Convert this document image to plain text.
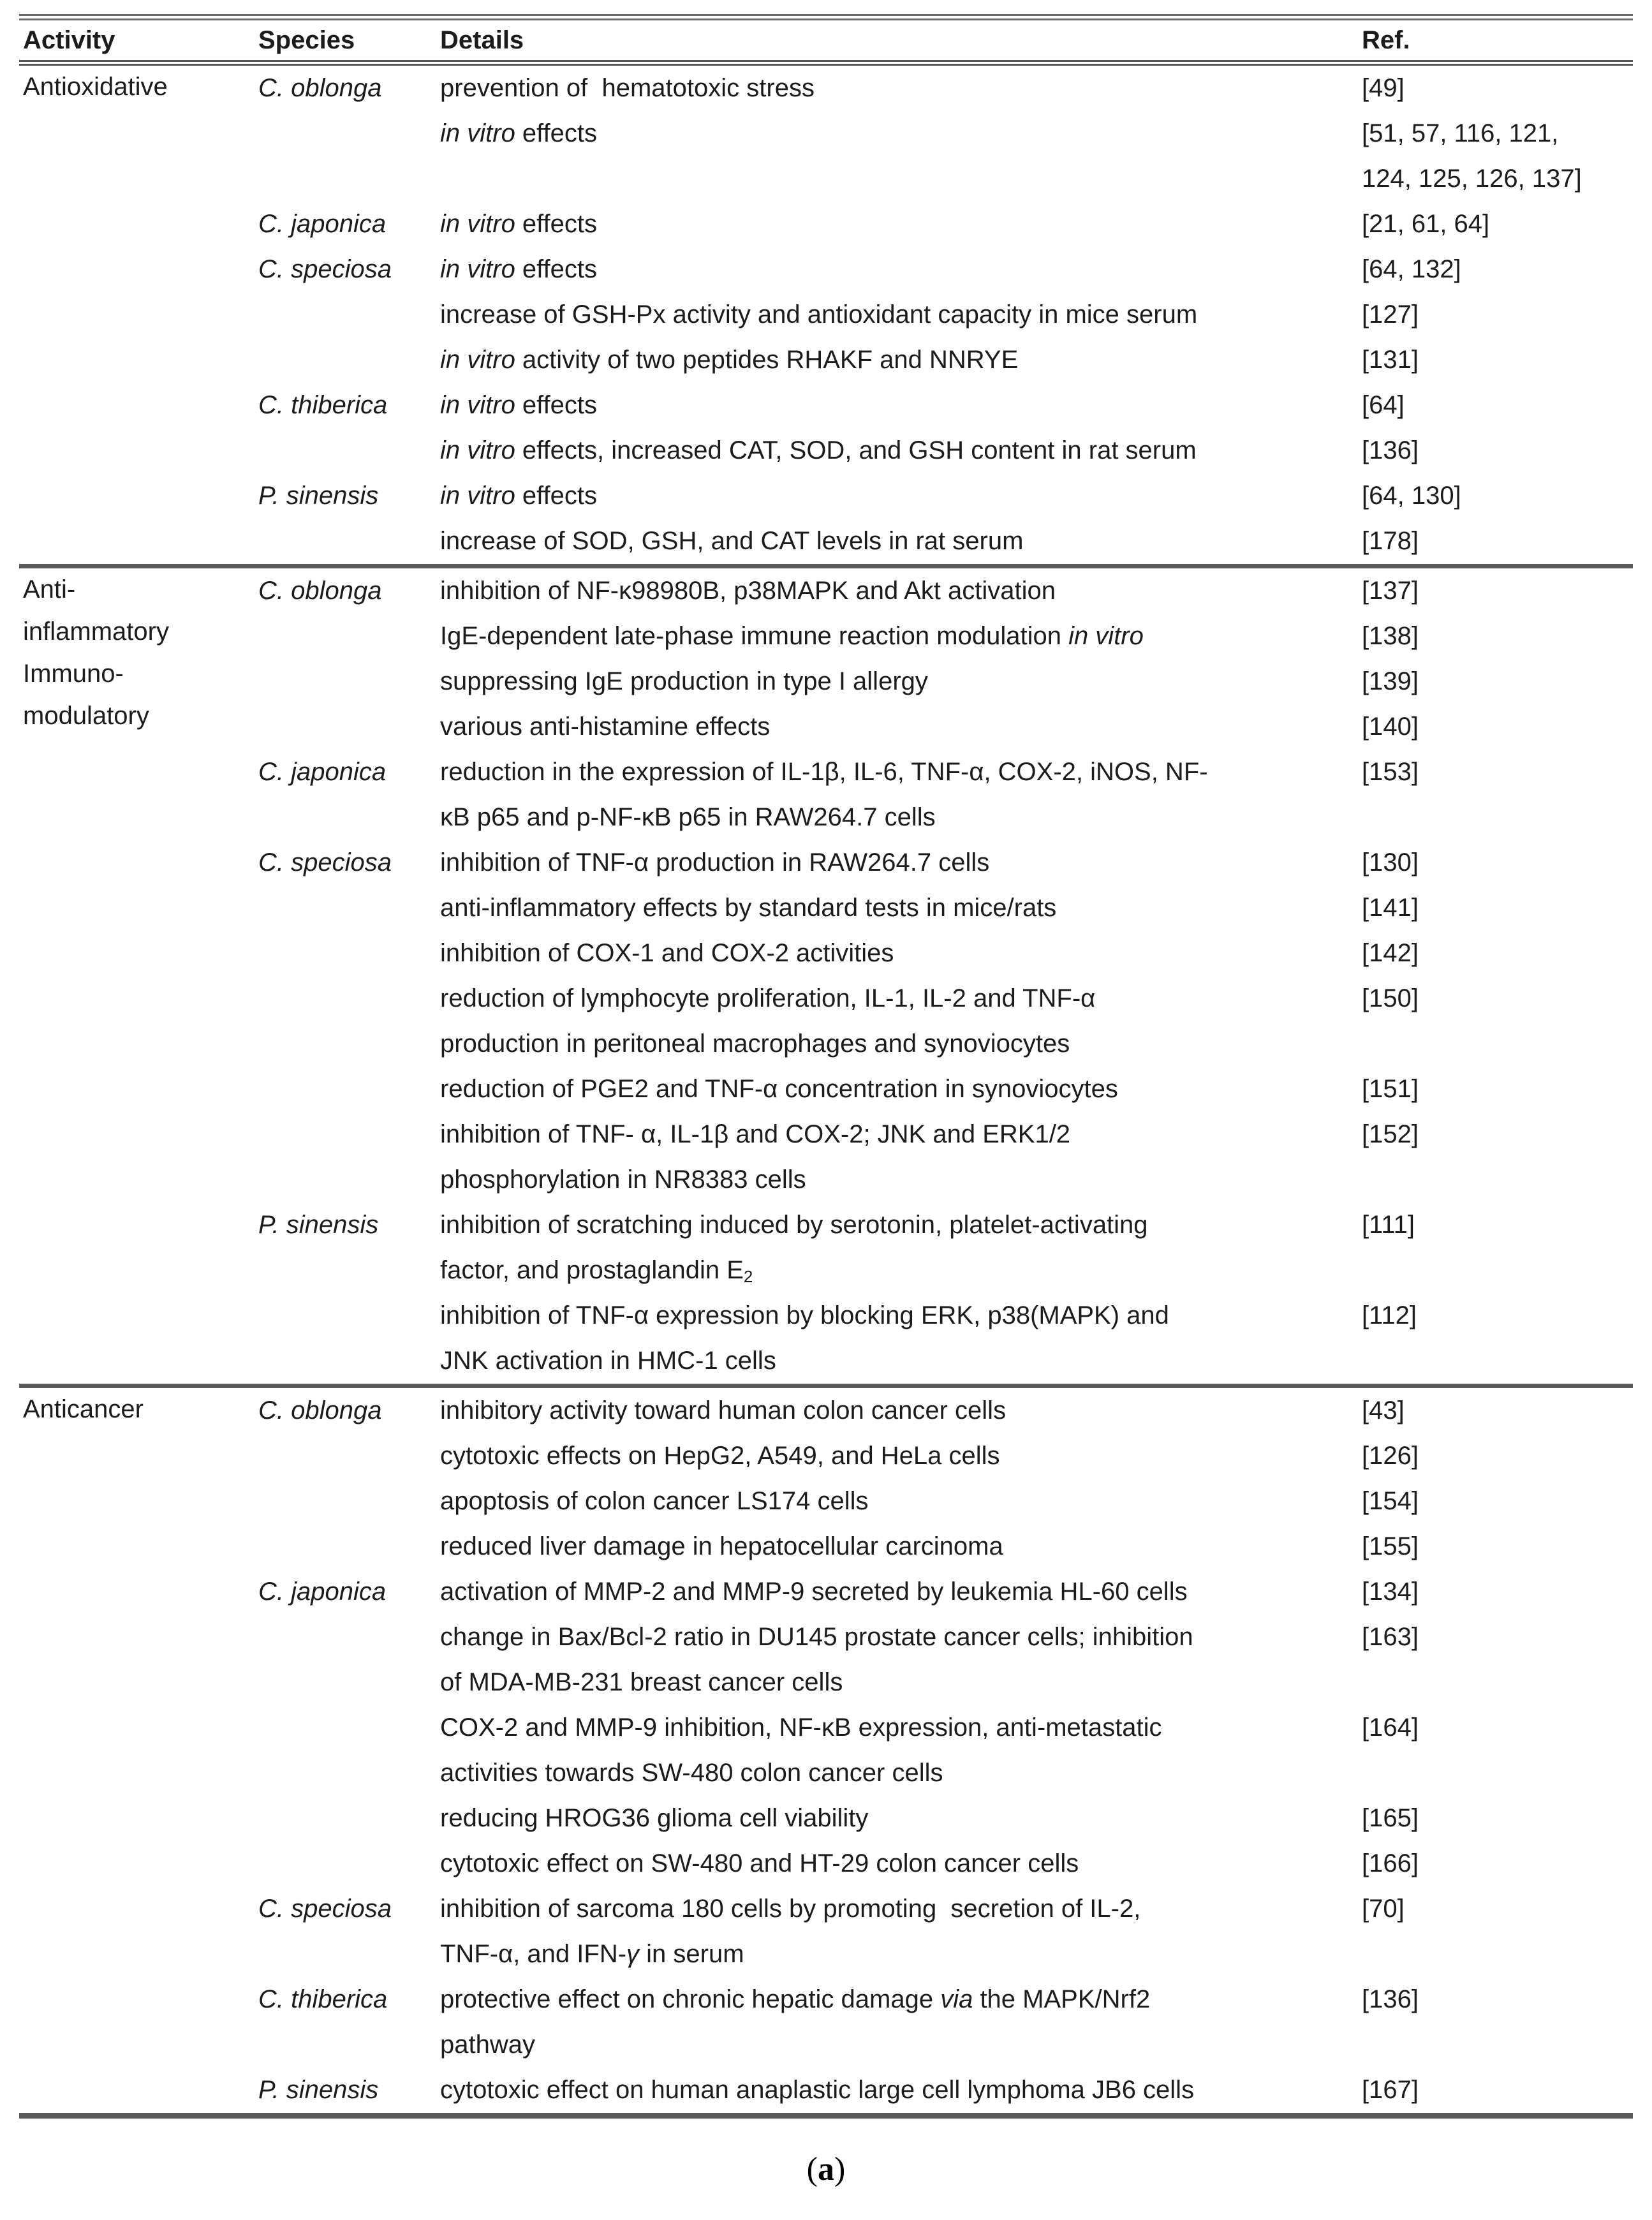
Activity	Species	Details	Ref.

Antioxidative	C. oblonga	prevention of  hematotoxic stress	[49]

		in vitro effects	[51, 57, 116, 121,
124, 125, 126, 137]

	C. japonica	in vitro effects	[21, 61, 64]

	C. speciosa	in vitro effects	[64, 132]

		increase of GSH-Px activity and antioxidant capacity in mice serum	[127]

		in vitro activity of two peptides RHAKF and NNRYE	[131]

	C. thiberica	in vitro effects	[64]

		in vitro effects, increased CAT, SOD, and GSH content in rat serum	[136]

	P. sinensis	in vitro effects	[64, 130]

		increase of SOD, GSH, and CAT levels in rat serum	[178]

Anti-
inflammatory
Immuno-
modulatory	C. oblonga	inhibition of NF-κ98980B, p38MAPK and Akt activation	[137]

		IgE-dependent late-phase immune reaction modulation in vitro	[138]

		suppressing IgE production in type I allergy	[139]

		various anti-histamine effects	[140]

	C. japonica	reduction in the expression of IL-1β, IL-6, TNF-α, COX-2, iNOS, NF-
κB p65 and p-NF-κB p65 in RAW264.7 cells	[153]

	C. speciosa	inhibition of TNF-α production in RAW264.7 cells	[130]

		anti-inflammatory effects by standard tests in mice/rats	[141]

		inhibition of COX-1 and COX-2 activities	[142]

		reduction of lymphocyte proliferation, IL-1, IL-2 and TNF-α
production in peritoneal macrophages and synoviocytes	[150]

		reduction of PGE2 and TNF-α concentration in synoviocytes	[151]

		inhibition of TNF- α, IL-1β and COX-2; JNK and ERK1/2
phosphorylation in NR8383 cells	[152]

	P. sinensis	inhibition of scratching induced by serotonin, platelet-activating
factor, and prostaglandin E2	[111]

		inhibition of TNF-α expression by blocking ERK, p38(MAPK) and
JNK activation in HMC-1 cells	[112]

Anticancer	C. oblonga	inhibitory activity toward human colon cancer cells	[43]

		cytotoxic effects on HepG2, A549, and HeLa cells	[126]

		apoptosis of colon cancer LS174 cells	[154]

		reduced liver damage in hepatocellular carcinoma	[155]

	C. japonica	activation of MMP-2 and MMP-9 secreted by leukemia HL-60 cells	[134]

		change in Bax/Bcl-2 ratio in DU145 prostate cancer cells; inhibition
of MDA-MB-231 breast cancer cells	[163]

		COX-2 and MMP-9 inhibition, NF-κB expression, anti-metastatic
activities towards SW-480 colon cancer cells	[164]

		reducing HROG36 glioma cell viability	[165]

		cytotoxic effect on SW-480 and HT-29 colon cancer cells	[166]

	C. speciosa	inhibition of sarcoma 180 cells by promoting  secretion of IL-2,
TNF-α, and IFN-γ in serum	[70]

	C. thiberica	protective effect on chronic hepatic damage via the MAPK/Nrf2
pathway	[136]

	P. sinensis	cytotoxic effect on human anaplastic large cell lymphoma JB6 cells	[167]
(a)
